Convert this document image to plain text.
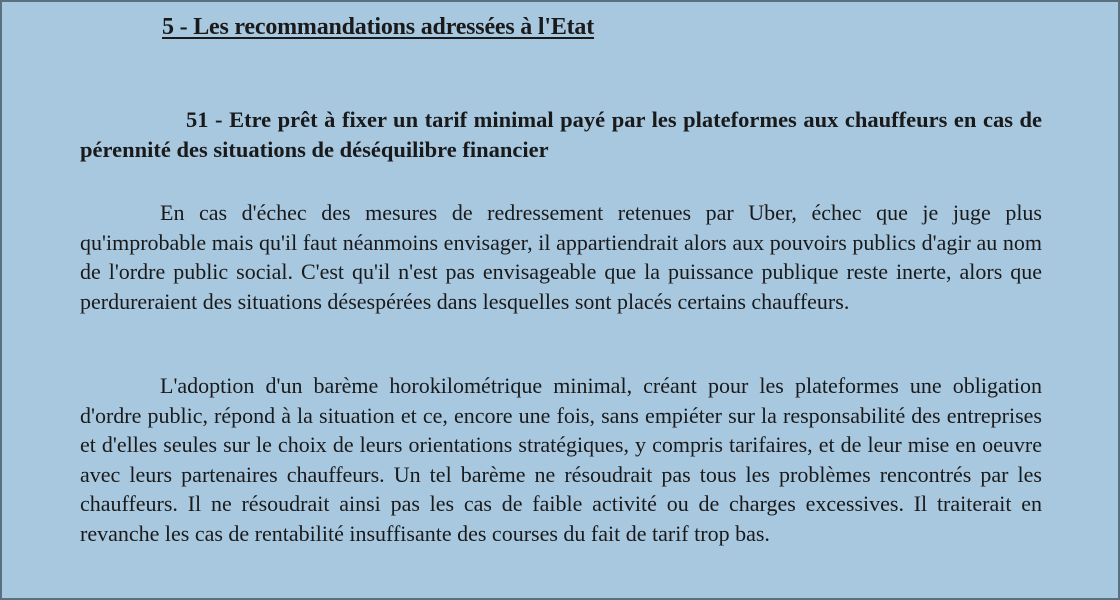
5 - Les recommandations adressées à l'Etat
51 - Etre prêt à fixer un tarif minimal payé par les plateformes aux chauffeurs en cas de pérennité des situations de déséquilibre financier

En cas d'échec des mesures de redressement retenues par Uber, échec que je juge plus qu'improbable mais qu'il faut néanmoins envisager, il appartiendrait alors aux pouvoirs publics d'agir au nom de l'ordre public social. C'est qu'il n'est pas envisageable que la puissance publique reste inerte, alors que perdureraient des situations désespérées dans lesquelles sont placés certains chauffeurs.

L'adoption d'un barème horokilométrique minimal, créant pour les plateformes une obligation d'ordre public, répond à la situation et ce, encore une fois, sans empiéter sur la responsabilité des entreprises et d'elles seules sur le choix de leurs orientations stratégiques, y compris tarifaires, et de leur mise en oeuvre avec leurs partenaires chauffeurs. Un tel barème ne résoudrait pas tous les problèmes rencontrés par les chauffeurs. Il ne résoudrait ainsi pas les cas de faible activité ou de charges excessives. Il traiterait en revanche les cas de rentabilité insuffisante des courses du fait de tarif trop bas.
